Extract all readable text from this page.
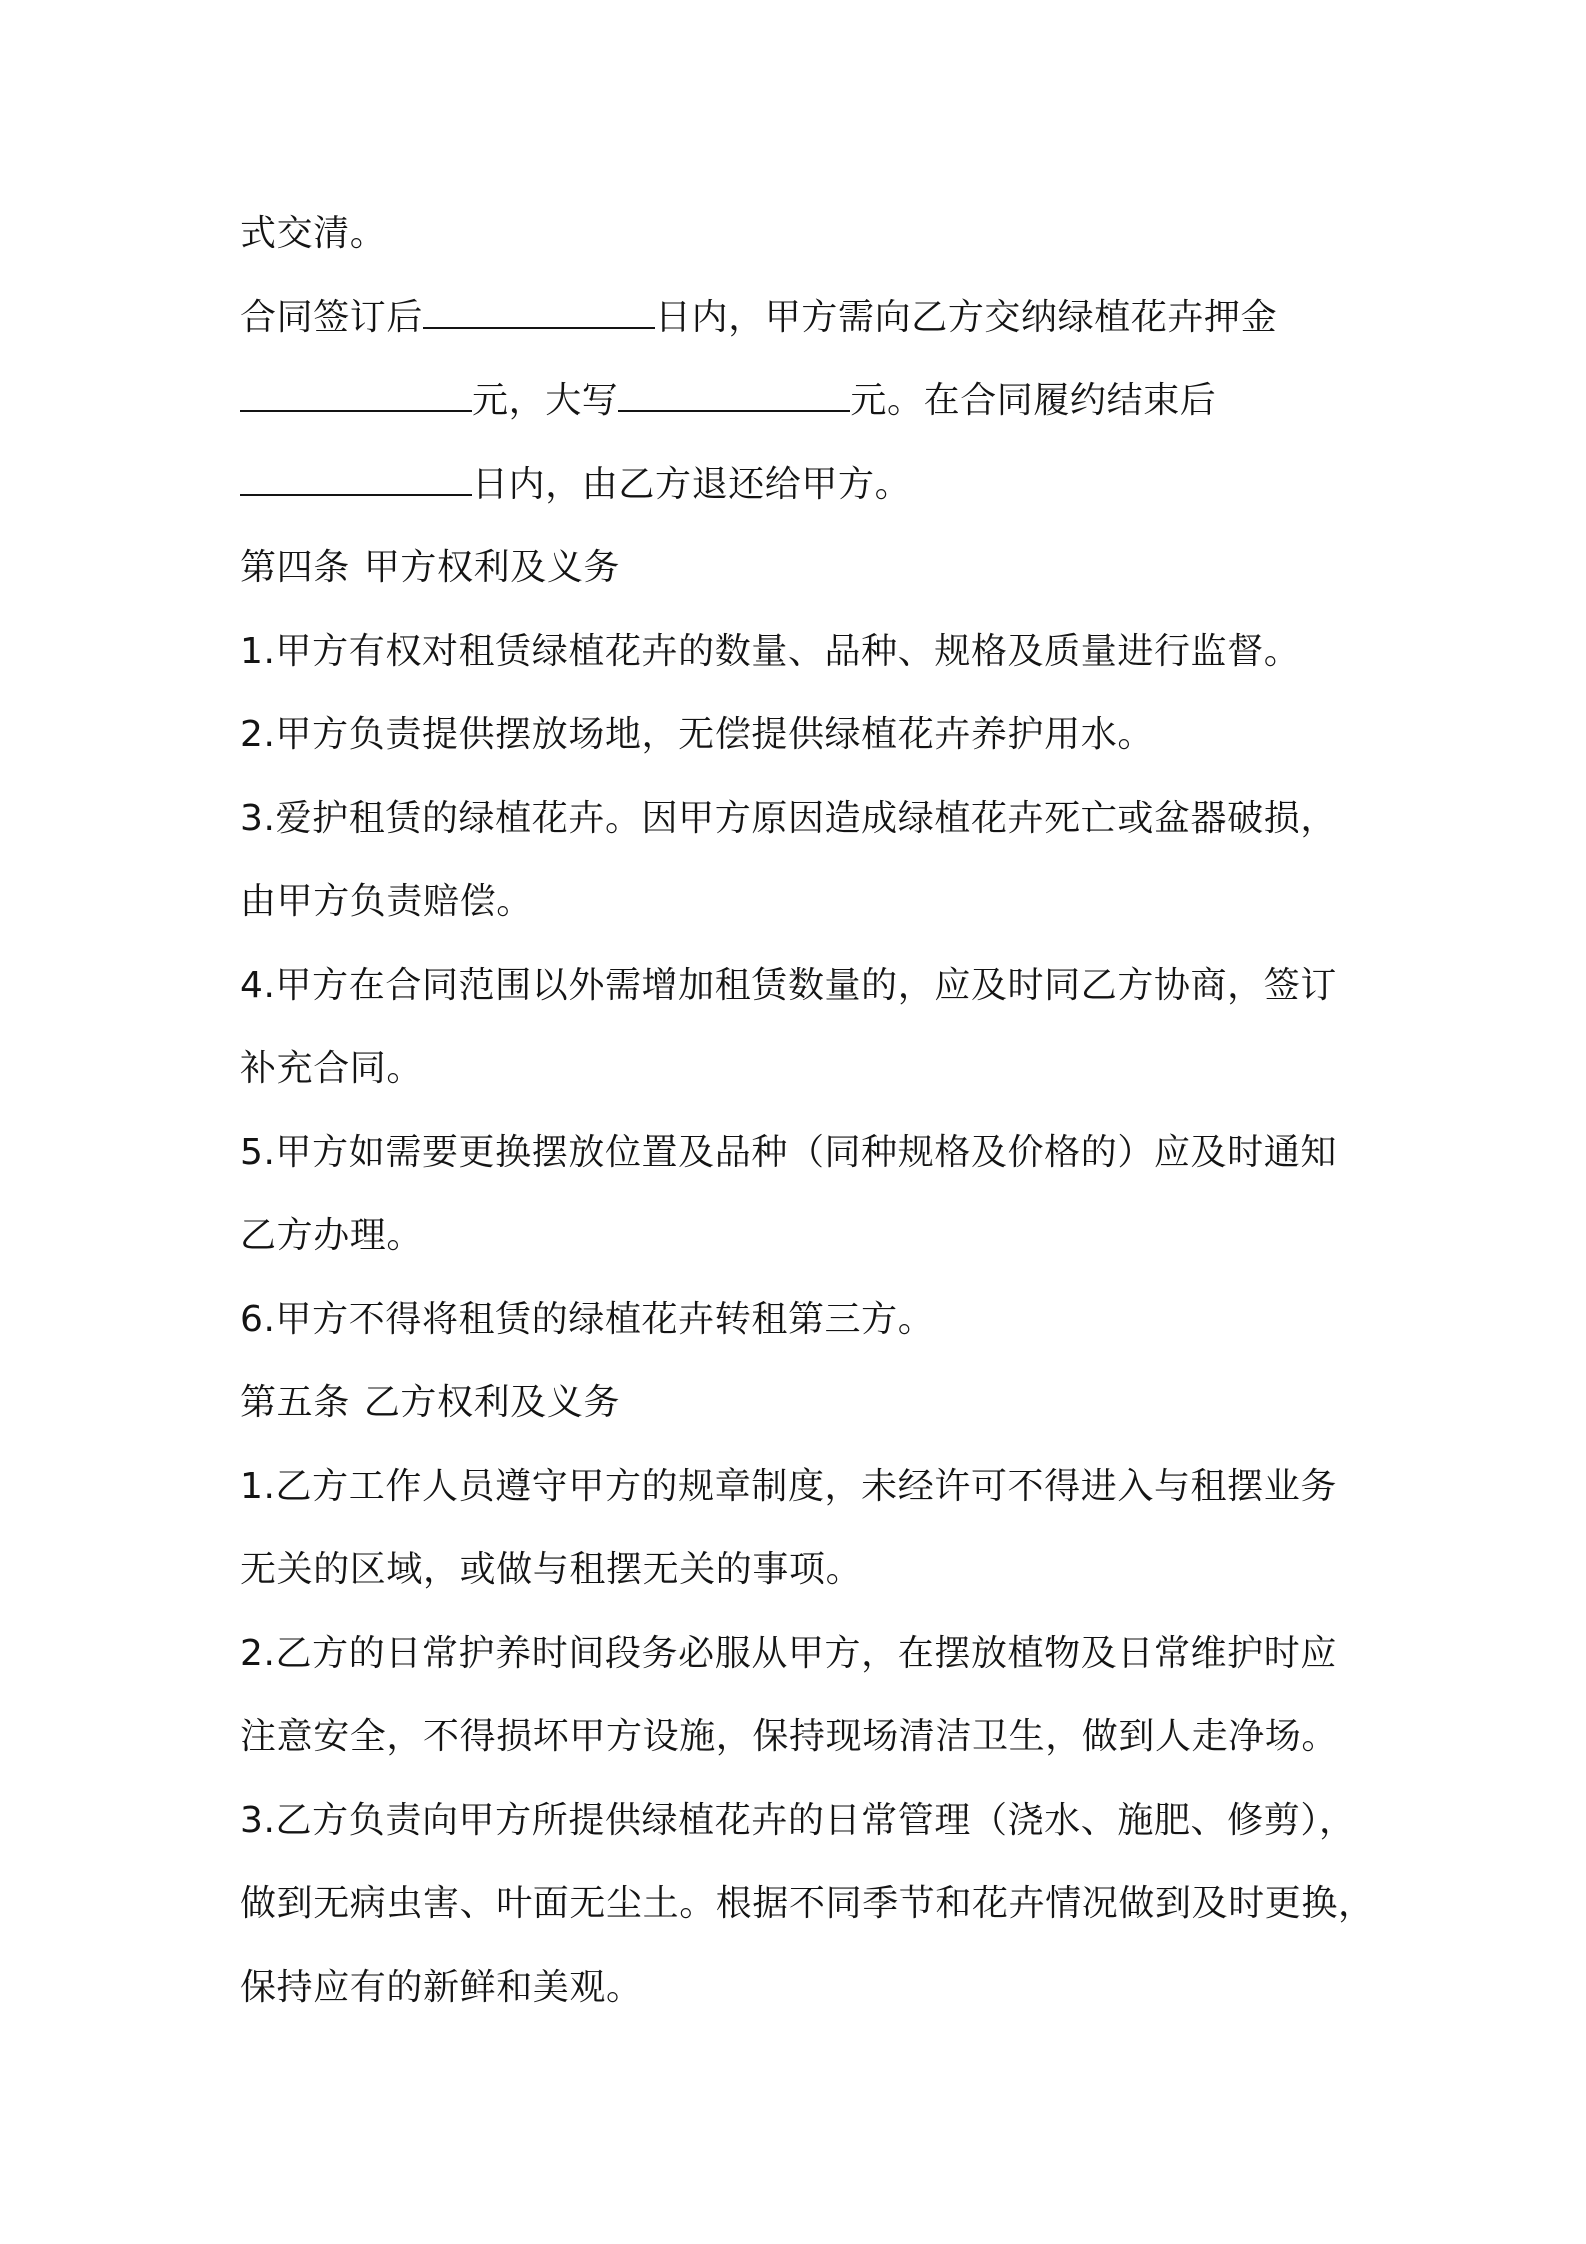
式交清。
合同签订后	日内，甲方需向乙方交纳绿植花卉押金
元，大写	元。在合同履约结束后
日内，由乙方退还给甲方。
第四条 甲方权利及义务
1.甲方有权对租赁绿植花卉的数量、品种、规格及质量进行监督。
2.甲方负责提供摆放场地，无偿提供绿植花卉养护用水。
3.爱护租赁的绿植花卉。因甲方原因造成绿植花卉死亡或盆器破损，
由甲方负责赔偿。
4.甲方在合同范围以外需增加租赁数量的，应及时同乙方协商，签订
补充合同。
5.甲方如需要更换摆放位置及品种（同种规格及价格的）应及时通知
乙方办理。
6.甲方不得将租赁的绿植花卉转租第三方。
第五条 乙方权利及义务
1.乙方工作人员遵守甲方的规章制度，未经许可不得进入与租摆业务
无关的区域，或做与租摆无关的事项。
2.乙方的日常护养时间段务必服从甲方，在摆放植物及日常维护时应
注意安全，不得损坏甲方设施，保持现场清洁卫生，做到人走净场。
3.乙方负责向甲方所提供绿植花卉的日常管理（浇水、施肥、修剪），
做到无病虫害、叶面无尘土。根据不同季节和花卉情况做到及时更换，
保持应有的新鲜和美观。
